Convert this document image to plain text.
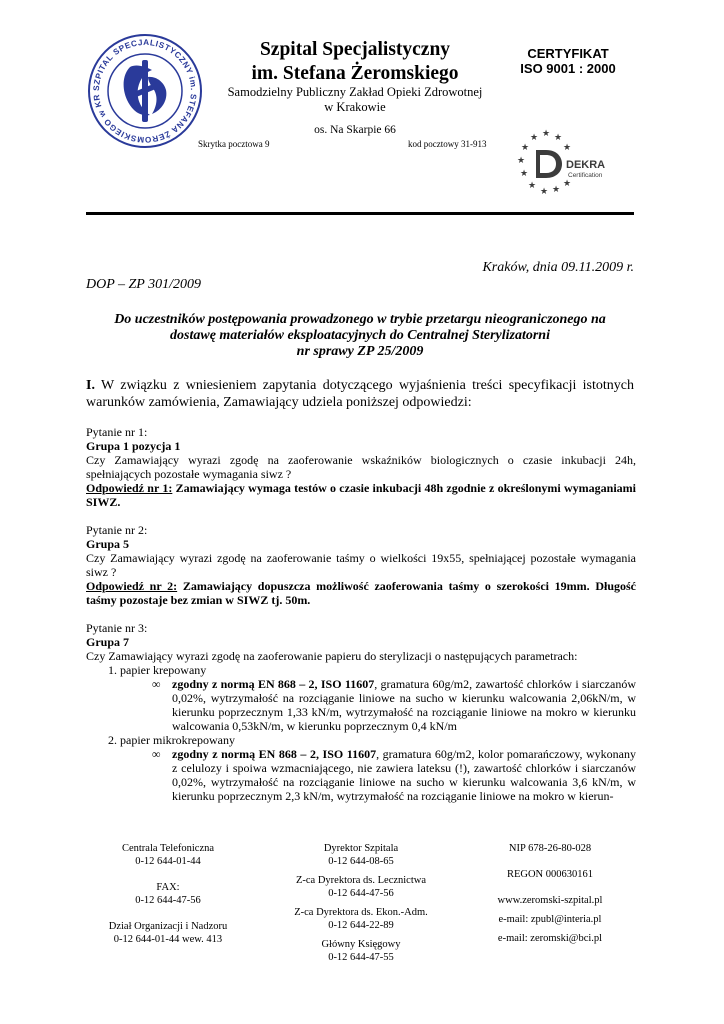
SZPITAL SPECJALISTYCZNY im. STEFANA ŻEROMSKIEGO w KR
Szpital Specjalistyczny
im. Stefana Żeromskiego
Samodzielny Publiczny Zakład Opieki Zdrowotnej
w Krakowie
os. Na Skarpie 66
Skrytka pocztowa 9	kod pocztowy 31-913
CERTYFIKAT
ISO 9001 : 2000
★ ★
★
★	★
★
★
★
★
★ ★
DEKRA
Certification
Kraków, dnia 09.11.2009 r.
DOP – ZP 301/2009
Do uczestników postępowania prowadzonego w trybie przetargu nieograniczonego na
dostawę materiałów eksploatacyjnych do Centralnej Sterylizatorni
nr sprawy ZP 25/2009
I. W związku z wniesieniem zapytania dotyczącego wyjaśnienia treści specyfikacji istotnych warunków zamówienia, Zamawiający udziela poniższej odpowiedzi:

Pytanie nr 1:

Grupa 1 pozycja 1

Czy Zamawiający wyrazi zgodę na zaoferowanie wskaźników biologicznych o czasie inkubacji 24h, spełniających pozostałe wymagania siwz ?

Odpowiedź nr 1: Zamawiający wymaga testów o czasie inkubacji 48h zgodnie z określonymi wymaganiami SIWZ.

Pytanie nr 2:

Grupa 5

Czy Zamawiający wyrazi zgodę na zaoferowanie taśmy o wielkości 19x55, spełniającej pozostałe wymagania siwz ?

Odpowiedź nr 2: Zamawiający dopuszcza możliwość zaoferowania taśmy o szerokości 19mm. Długość taśmy pozostaje bez zmian w SIWZ tj. 50m.

Pytanie nr 3:

Grupa 7

Czy Zamawiający wyrazi zgodę na zaoferowanie papieru do sterylizacji o następujących parametrach:

1. papier krepowany

∞ zgodny z normą EN 868 – 2, ISO 11607, gramatura 60g/m2, zawartość chlorków i siarczanów 0,02%, wytrzymałość na rozciąganie liniowe na sucho w kierunku walcowania 2,06kN/m, w kierunku poprzecznym 1,33 kN/m, wytrzymałość na rozciąganie liniowe na mokro w kierunku walcowania 0,53kN/m, w kierunku poprzecznym 0,4 kN/m

2. papier mikrokrepowany

∞ zgodny z normą EN 868 – 2, ISO 11607, gramatura 60g/m2, kolor pomarańczowy, wykonany z celulozy i spoiwa wzmacniającego, nie zawiera lateksu (!), zawartość chlorków i siarczanów 0,02%, wytrzymałość na rozciąganie liniowe na sucho w kierunku walcowania 3,6 kN/m, w kierunku poprzecznym 2,3 kN/m, wytrzymałość na rozciąganie liniowe na mokro w kierun-

Centrala Telefoniczna

0-12 644-01-44

FAX:

0-12 644-47-56

Dział Organizacji i Nadzoru

0-12 644-01-44 wew. 413

Dyrektor Szpitala

0-12 644-08-65

Z-ca Dyrektora ds. Lecznictwa

0-12 644-47-56

Z-ca Dyrektora ds. Ekon.-Adm.

0-12 644-22-89

Główny Księgowy

0-12 644-47-55

NIP 678-26-80-028

REGON 000630161

www.zeromski-szpital.pl

e-mail: zpubl@interia.pl

e-mail: zeromski@bci.pl
